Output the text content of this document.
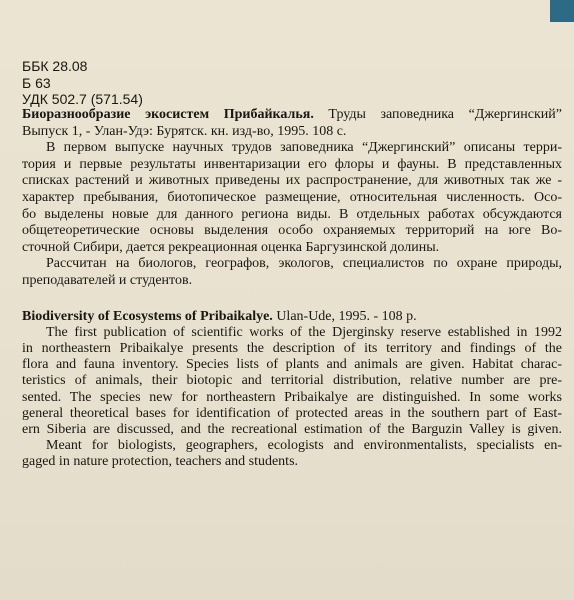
ББК 28.08
Б 63
УДК 502.7 (571.54)
Биоразнообразие экосистем Прибайкалья. Труды заповедника “Джергинский”
Выпуск 1, - Улан-Удэ: Бурятск. кн. изд-во, 1995. 108 с.
В первом выпуске научных трудов заповедника “Джергинский” описаны терри-
тория и первые результаты инвентаризации его флоры и фауны. В представленных
списках растений и животных приведены их распространение, для животных так же -
характер пребывания, биотопическое размещение, относительная численность. Осо-
бо выделены новые для данного региона виды. В отдельных работах обсуждаются
общетеоретические основы выделения особо охраняемых территорий на юге Во-
сточной Сибири, дается рекреационная оценка Баргузинской долины.
Рассчитан на биологов, географов, экологов, специалистов по охране природы,
преподавателей и студентов.
Biodiversity of Ecosystems of Pribaikalye. Ulan-Ude, 1995. - 108 p.
The first publication of scientific works of the Djerginsky reserve established in 1992
in northeastern Pribaikalye presents the description of its territory and findings of the
flora and fauna inventory. Species lists of plants and animals are given. Habitat charac-
teristics of animals, their biotopic and territorial distribution, relative number are pre-
sented. The species new for northeastern Pribaikalye are distinguished. In some works
general theoretical bases for identification of protected areas in the southern part of East-
ern Siberia are discussed, and the recreational estimation of the Barguzin Valley is given.
Meant for biologists, geographers, ecologists and environmentalists, specialists en-
gaged in nature protection, teachers and students.
